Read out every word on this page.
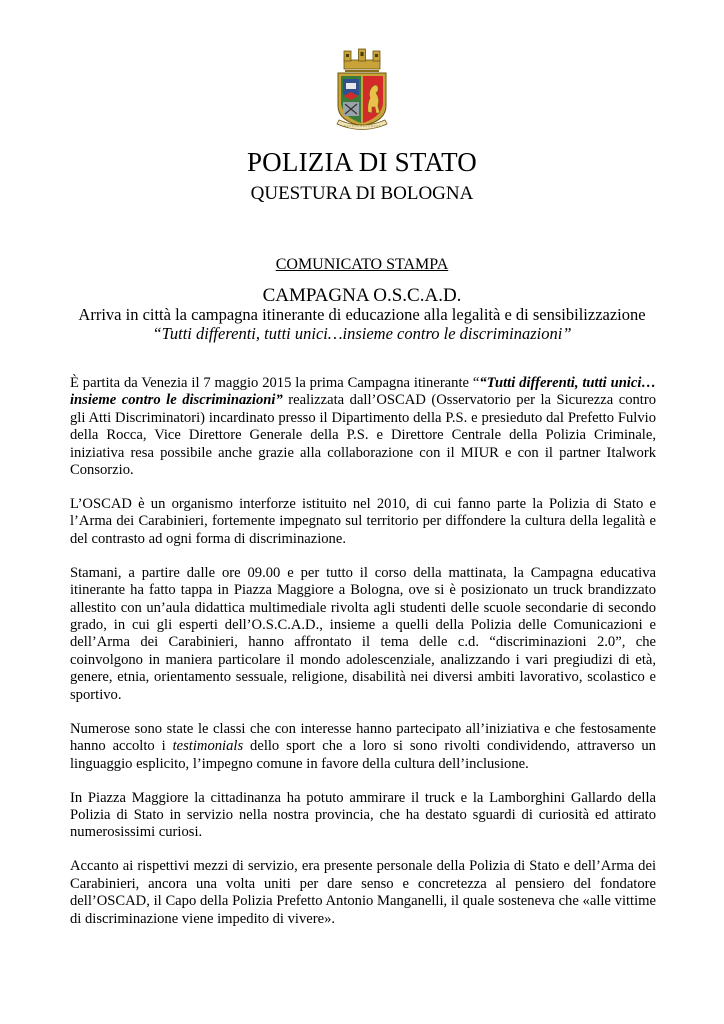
POLIZIA DI STATO
QUESTURA DI BOLOGNA
COMUNICATO STAMPA
CAMPAGNA O.S.C.A.D.
Arriva in città la campagna itinerante di educazione alla legalità e di sensibilizzazione
“Tutti differenti, tutti unici…insieme contro le discriminazioni”

È partita da Venezia il 7 maggio 2015 la prima Campagna itinerante ““Tutti differenti, tutti unici… insieme contro le discriminazioni” realizzata dall’OSCAD (Osservatorio per la Sicurezza contro gli Atti Discriminatori) incardinato presso il Dipartimento della P.S. e presieduto dal Prefetto Fulvio della Rocca, Vice Direttore Generale della P.S. e Direttore Centrale della Polizia Criminale, iniziativa resa possibile anche grazie alla collaborazione con il MIUR e con il partner Italwork Consorzio.

L’OSCAD è un organismo interforze istituito nel 2010, di cui fanno parte la Polizia di Stato e l’Arma dei Carabinieri, fortemente impegnato sul territorio per diffondere la cultura della legalità e del contrasto ad ogni forma di discriminazione.

Stamani, a partire dalle ore 09.00 e per tutto il corso della mattinata, la Campagna educativa itinerante ha fatto tappa in Piazza Maggiore a Bologna, ove si è posizionato un truck brandizzato allestito con un’aula didattica multimediale rivolta agli studenti delle scuole secondarie di secondo grado, in cui gli esperti dell’O.S.C.A.D., insieme a quelli della Polizia delle Comunicazioni e dell’Arma dei Carabinieri, hanno affrontato il tema delle c.d. “discriminazioni 2.0”, che coinvolgono in maniera particolare il mondo adolescenziale, analizzando i vari pregiudizi di età, genere, etnia, orientamento sessuale, religione, disabilità nei diversi ambiti lavorativo, scolastico e sportivo.

Numerose sono state le classi che con interesse hanno partecipato all’iniziativa e che festosamente hanno accolto i testimonials dello sport che a loro si sono rivolti condividendo, attraverso un linguaggio esplicito, l’impegno comune in favore della cultura dell’inclusione.

In Piazza Maggiore la cittadinanza ha potuto ammirare il truck e la Lamborghini Gallardo della Polizia di Stato in servizio nella nostra provincia, che ha destato sguardi di curiosità ed attirato numerosissimi curiosi.

Accanto ai rispettivi mezzi di servizio, era presente personale della Polizia di Stato e dell’Arma dei Carabinieri, ancora una volta uniti per dare senso e concretezza al pensiero del fondatore dell’OSCAD, il Capo della Polizia Prefetto Antonio Manganelli, il quale sosteneva che «alle vittime di discriminazione viene impedito di vivere».
